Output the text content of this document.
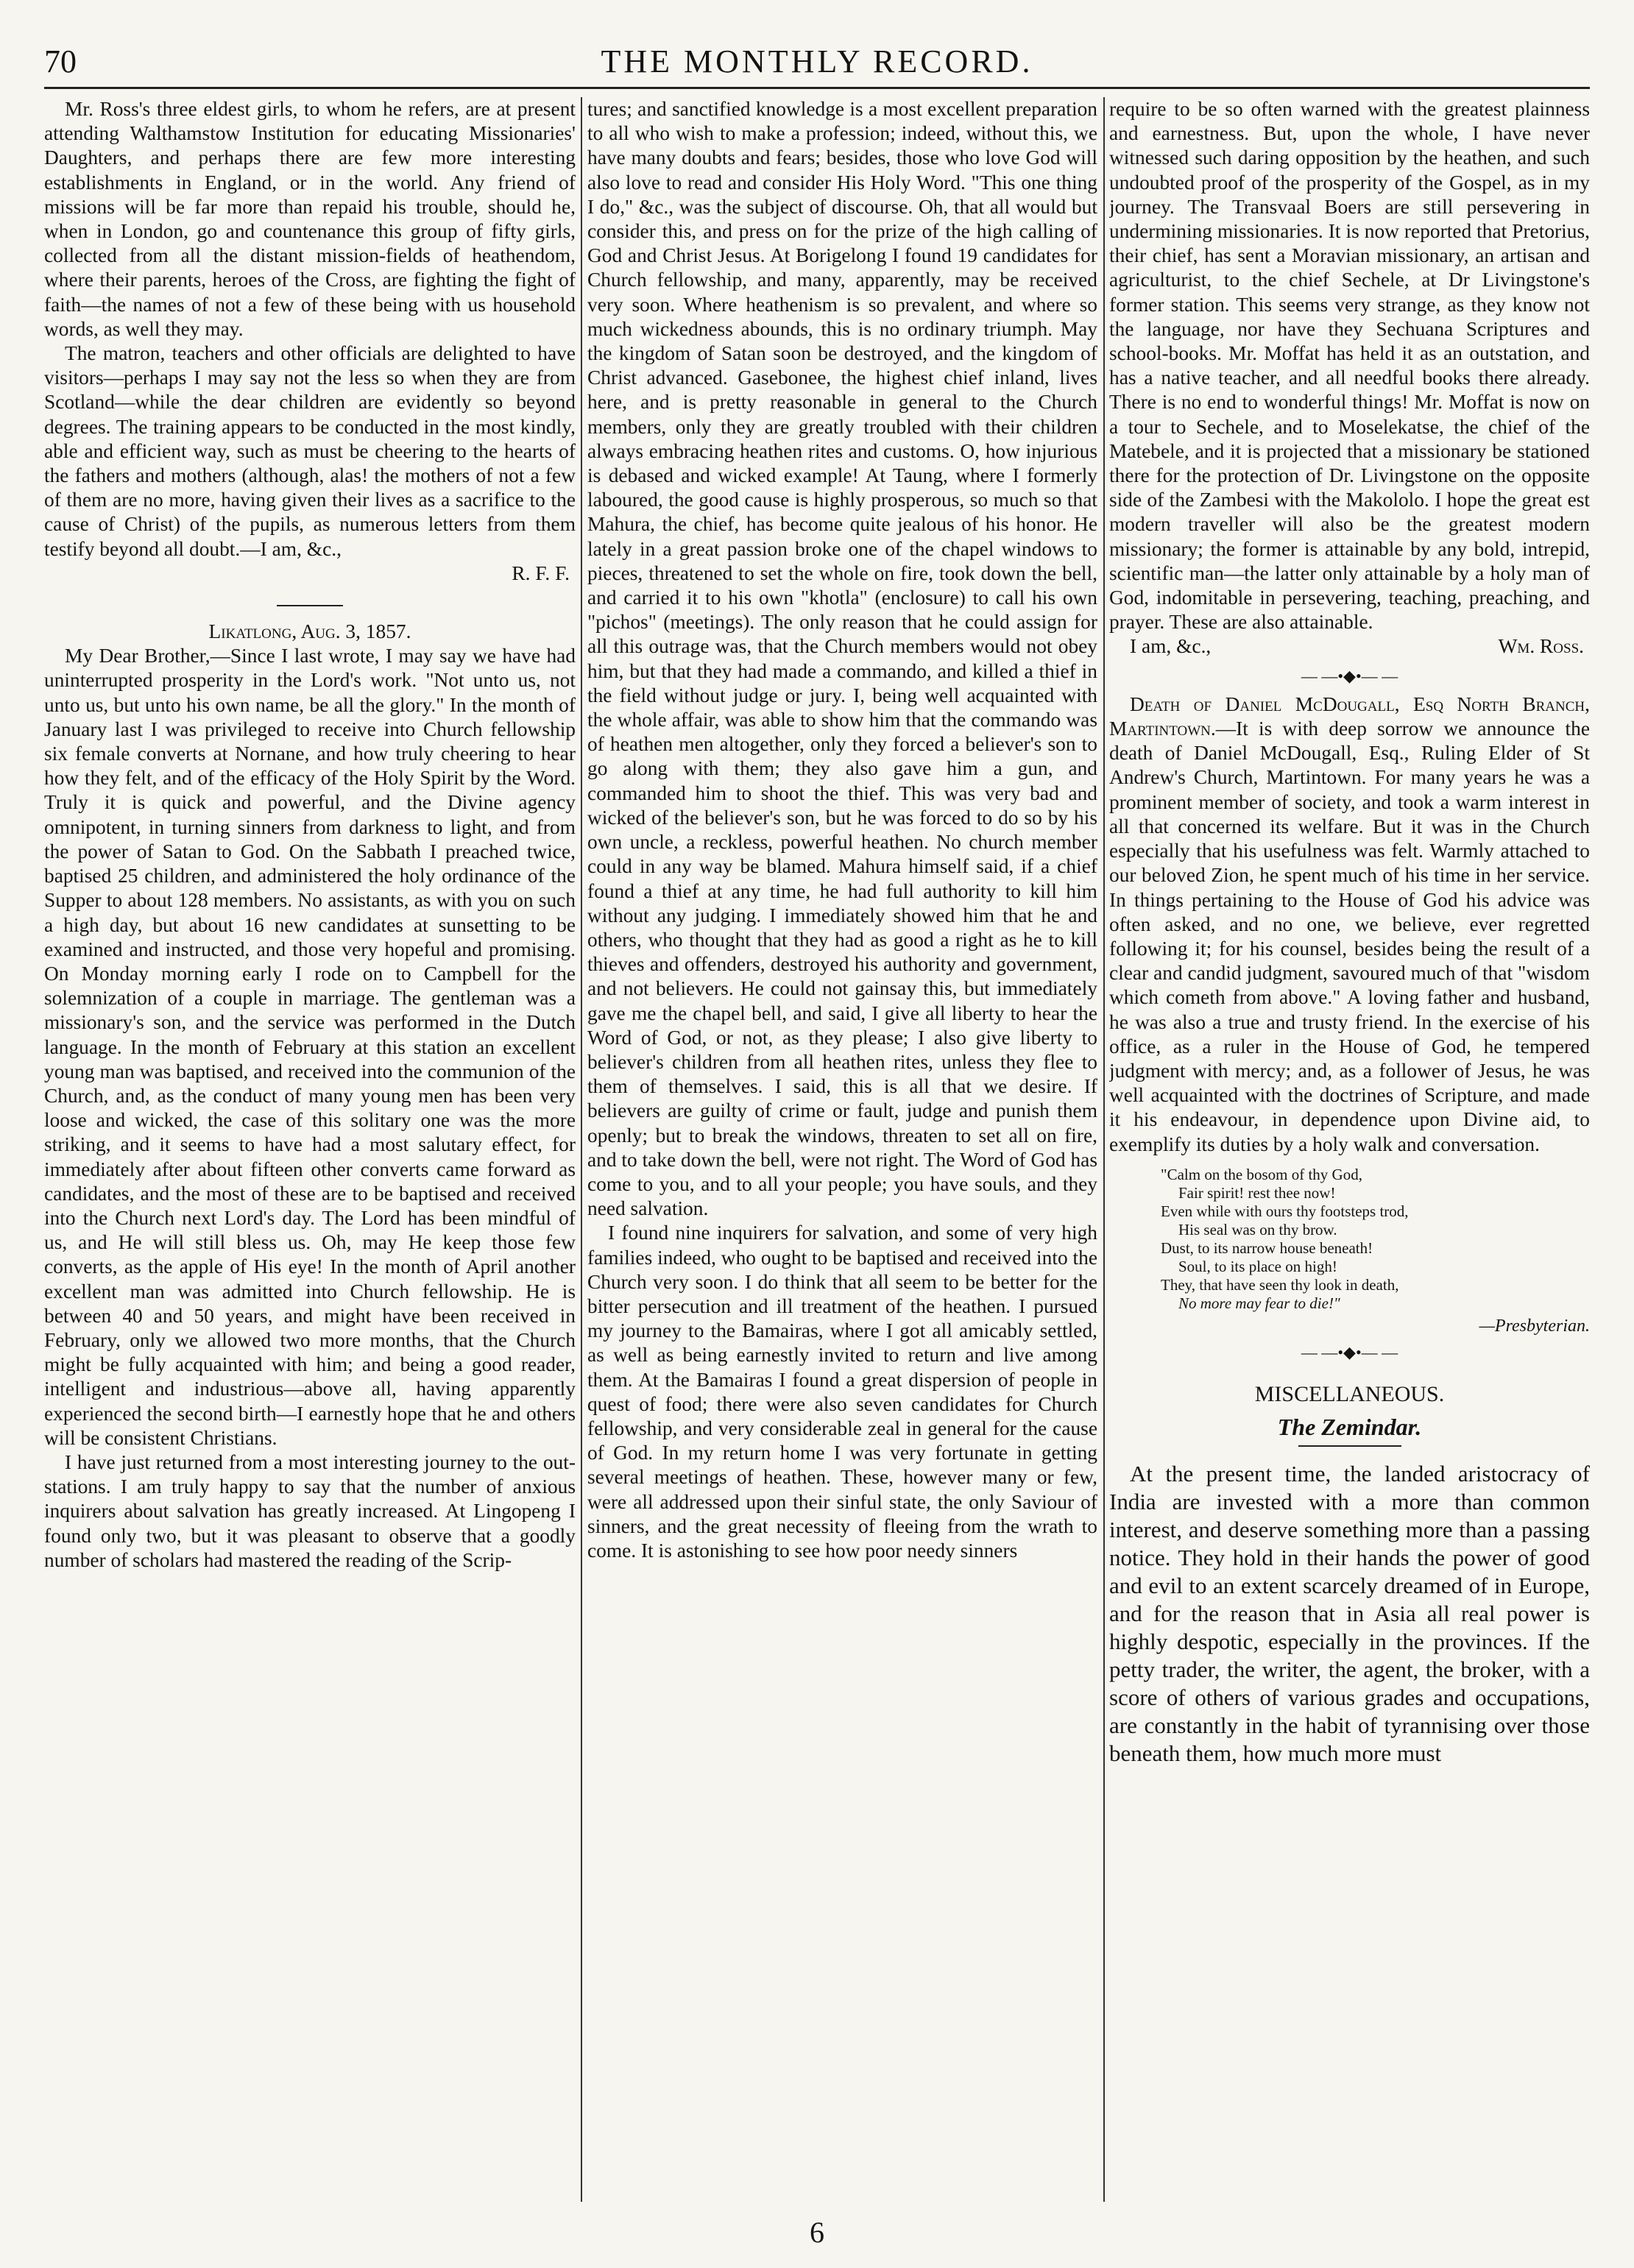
70	THE MONTHLY RECORD.

Mr. Ross's three eldest girls, to whom he refers, are at present attending Walthamstow Institution for educating Missionaries' Daughters, and perhaps there are few more interesting establishments in England, or in the world. Any friend of missions will be far more than repaid his trouble, should he, when in London, go and countenance this group of fifty girls, collected from all the distant mission-fields of heathendom, where their parents, heroes of the Cross, are fighting the fight of faith—the names of not a few of these being with us household words, as well they may.

The matron, teachers and other officials are delighted to have visitors—perhaps I may say not the less so when they are from Scotland—while the dear children are evidently so beyond degrees. The training appears to be conducted in the most kindly, able and efficient way, such as must be cheering to the hearts of the fathers and mothers (although, alas! the mothers of not a few of them are no more, having given their lives as a sacrifice to the cause of Christ) of the pupils, as numerous letters from them testify beyond all doubt.—I am, &c.,

R. F. F.

Likatlong, Aug. 3, 1857.

My Dear Brother,—Since I last wrote, I may say we have had uninterrupted prosperity in the Lord's work. "Not unto us, not unto us, but unto his own name, be all the glory." In the month of January last I was privileged to receive into Church fellowship six female converts at Nornane, and how truly cheering to hear how they felt, and of the efficacy of the Holy Spirit by the Word. Truly it is quick and powerful, and the Divine agency omnipotent, in turning sinners from darkness to light, and from the power of Satan to God. On the Sabbath I preached twice, baptised 25 children, and administered the holy ordinance of the Supper to about 128 members. No assistants, as with you on such a high day, but about 16 new candidates at sunsetting to be examined and instructed, and those very hopeful and promising. On Monday morning early I rode on to Campbell for the solemnization of a couple in marriage. The gentleman was a missionary's son, and the service was performed in the Dutch language. In the month of February at this station an excellent young man was baptised, and received into the communion of the Church, and, as the conduct of many young men has been very loose and wicked, the case of this solitary one was the more striking, and it seems to have had a most salutary effect, for immediately after about fifteen other converts came forward as candidates, and the most of these are to be baptised and received into the Church next Lord's day. The Lord has been mindful of us, and He will still bless us. Oh, may He keep those few converts, as the apple of His eye! In the month of April another excellent man was admitted into Church fellowship. He is between 40 and 50 years, and might have been received in February, only we allowed two more months, that the Church might be fully acquainted with him; and being a good reader, intelligent and industrious—above all, having apparently experienced the second birth—I earnestly hope that he and others will be consistent Christians.

I have just returned from a most interesting journey to the out-stations. I am truly happy to say that the number of anxious inquirers about salvation has greatly increased. At Lingopeng I found only two, but it was pleasant to observe that a goodly number of scholars had mastered the reading of the Scrip-

tures; and sanctified knowledge is a most excellent preparation to all who wish to make a profession; indeed, without this, we have many doubts and fears; besides, those who love God will also love to read and consider His Holy Word. "This one thing I do," &c., was the subject of discourse. Oh, that all would but consider this, and press on for the prize of the high calling of God and Christ Jesus. At Borigelong I found 19 candidates for Church fellowship, and many, apparently, may be received very soon. Where heathenism is so prevalent, and where so much wickedness abounds, this is no ordinary triumph. May the kingdom of Satan soon be destroyed, and the kingdom of Christ advanced. Gasebonee, the highest chief inland, lives here, and is pretty reasonable in general to the Church members, only they are greatly troubled with their children always embracing heathen rites and customs. O, how injurious is debased and wicked example! At Taung, where I formerly laboured, the good cause is highly prosperous, so much so that Mahura, the chief, has become quite jealous of his honor. He lately in a great passion broke one of the chapel windows to pieces, threatened to set the whole on fire, took down the bell, and carried it to his own "khotla" (enclosure) to call his own "pichos" (meetings). The only reason that he could assign for all this outrage was, that the Church members would not obey him, but that they had made a commando, and killed a thief in the field without judge or jury. I, being well acquainted with the whole affair, was able to show him that the commando was of heathen men altogether, only they forced a believer's son to go along with them; they also gave him a gun, and commanded him to shoot the thief. This was very bad and wicked of the believer's son, but he was forced to do so by his own uncle, a reckless, powerful heathen. No church member could in any way be blamed. Mahura himself said, if a chief found a thief at any time, he had full authority to kill him without any judging. I immediately showed him that he and others, who thought that they had as good a right as he to kill thieves and offenders, destroyed his authority and government, and not believers. He could not gainsay this, but immediately gave me the chapel bell, and said, I give all liberty to hear the Word of God, or not, as they please; I also give liberty to believer's children from all heathen rites, unless they flee to them of themselves. I said, this is all that we desire. If believers are guilty of crime or fault, judge and punish them openly; but to break the windows, threaten to set all on fire, and to take down the bell, were not right. The Word of God has come to you, and to all your people; you have souls, and they need salvation.

I found nine inquirers for salvation, and some of very high families indeed, who ought to be baptised and received into the Church very soon. I do think that all seem to be better for the bitter persecution and ill treatment of the heathen. I pursued my journey to the Bamairas, where I got all amicably settled, as well as being earnestly invited to return and live among them. At the Bamairas I found a great dispersion of people in quest of food; there were also seven candidates for Church fellowship, and very considerable zeal in general for the cause of God. In my return home I was very fortunate in getting several meetings of heathen. These, however many or few, were all addressed upon their sinful state, the only Saviour of sinners, and the great necessity of fleeing from the wrath to come. It is astonishing to see how poor needy sinners

require to be so often warned with the greatest plainness and earnestness. But, upon the whole, I have never witnessed such daring opposition by the heathen, and such undoubted proof of the prosperity of the Gospel, as in my journey. The Transvaal Boers are still persevering in undermining missionaries. It is now reported that Pretorius, their chief, has sent a Moravian missionary, an artisan and agriculturist, to the chief Sechele, at Dr Livingstone's former station. This seems very strange, as they know not the language, nor have they Sechuana Scriptures and school-books. Mr. Moffat has held it as an outstation, and has a native teacher, and all needful books there already. There is no end to wonderful things! Mr. Moffat is now on a tour to Sechele, and to Moselekatse, the chief of the Matebele, and it is projected that a missionary be stationed there for the protection of Dr. Livingstone on the opposite side of the Zambesi with the Makololo. I hope the great est modern traveller will also be the greatest modern missionary; the former is attainable by any bold, intrepid, scientific man—the latter only attainable by a holy man of God, indomitable in persevering, teaching, preaching, and prayer. These are also attainable.

I am, &c.,	Wm. Ross.

— —•◆•— —

Death of Daniel McDougall, Esq North Branch, Martintown.—It is with deep sorrow we announce the death of Daniel McDougall, Esq., Ruling Elder of St Andrew's Church, Martintown. For many years he was a prominent member of society, and took a warm interest in all that concerned its welfare. But it was in the Church especially that his usefulness was felt. Warmly attached to our beloved Zion, he spent much of his time in her service. In things pertaining to the House of God his advice was often asked, and no one, we believe, ever regretted following it; for his counsel, besides being the result of a clear and candid judgment, savoured much of that "wisdom which cometh from above." A loving father and husband, he was also a true and trusty friend. In the exercise of his office, as a ruler in the House of God, he tempered judgment with mercy; and, as a follower of Jesus, he was well acquainted with the doctrines of Scripture, and made it his endeavour, in dependence upon Divine aid, to exemplify its duties by a holy walk and conversation.

"Calm on the bosom of thy God,
Fair spirit! rest thee now!
Even while with ours thy footsteps trod,
His seal was on thy brow.
Dust, to its narrow house beneath!
Soul, to its place on high!
They, that have seen thy look in death,
No more may fear to die!"
—Presbyterian.
— —•◆•— —
MISCELLANEOUS.
The Zemindar.

At the present time, the landed aristocracy of India are invested with a more than common interest, and deserve something more than a passing notice. They hold in their hands the power of good and evil to an extent scarcely dreamed of in Europe, and for the reason that in Asia all real power is highly despotic, especially in the provinces. If the petty trader, the writer, the agent, the broker, with a score of others of various grades and occupations, are constantly in the habit of tyrannising over those beneath them, how much more must

6
